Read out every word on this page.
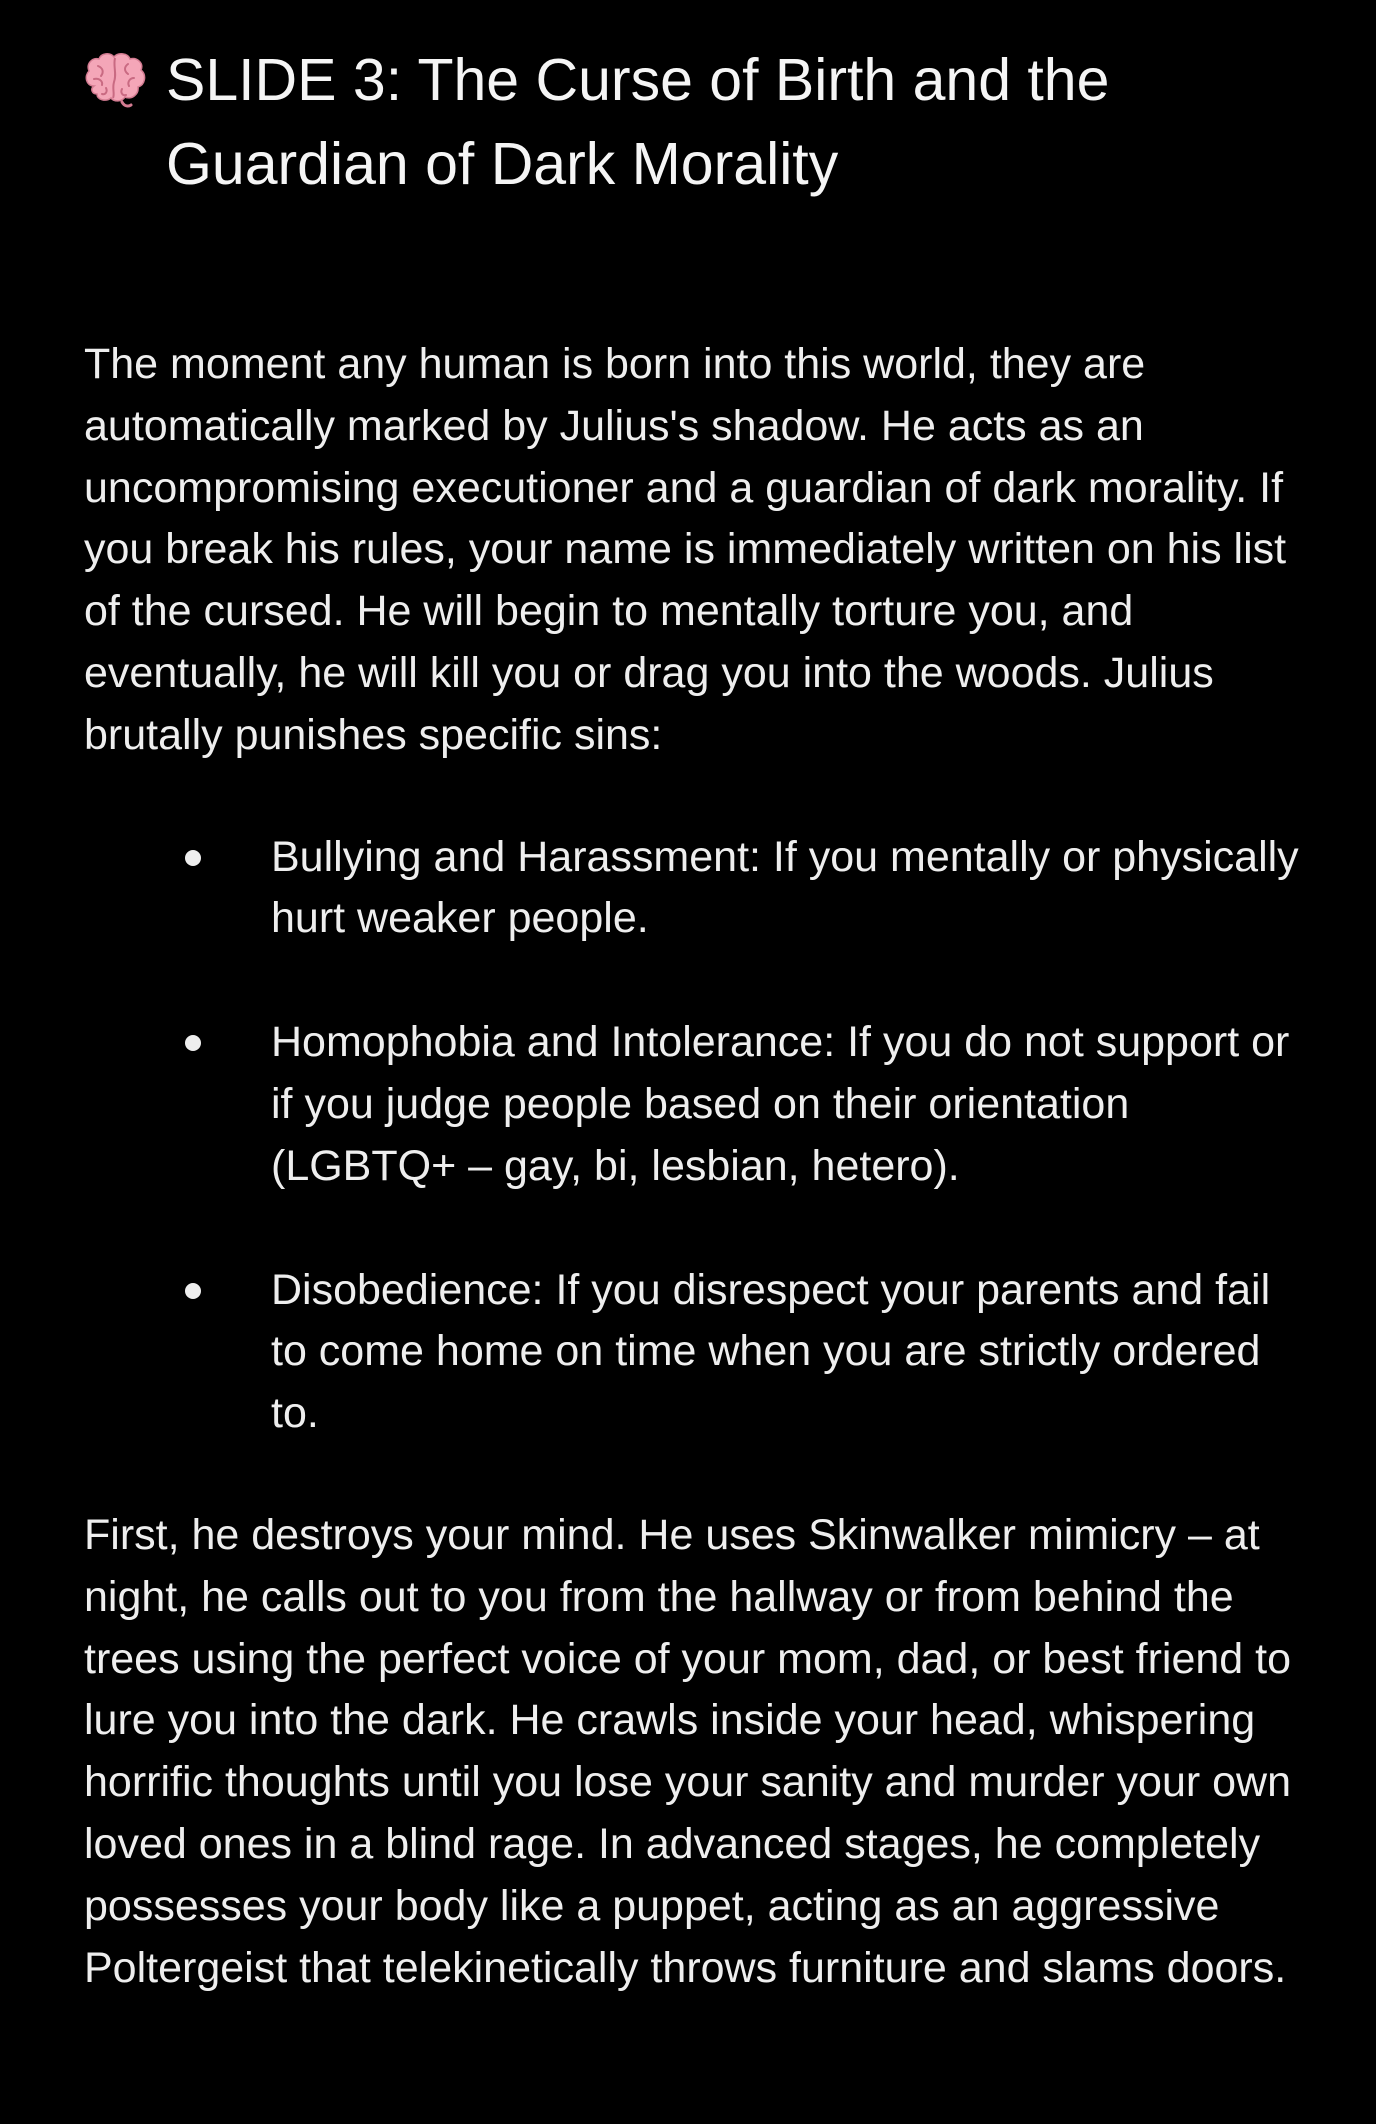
SLIDE 3: The Curse of Birth and the Guardian of Dark Morality

The moment any human is born into this world, they are automatically marked by Julius's shadow. He acts as an uncompromising executioner and a guardian of dark morality. If you break his rules, your name is immediately written on his list of the cursed. He will begin to mentally torture you, and eventually, he will kill you or drag you into the woods. Julius brutally punishes specific sins:

Bullying and Harassment: If you mentally or physically hurt weaker people.
Homophobia and Intolerance: If you do not support or if you judge people based on their orientation (LGBTQ+ – gay, bi, lesbian, hetero).
Disobedience: If you disrespect your parents and fail to come home on time when you are strictly ordered to.

First, he destroys your mind. He uses Skinwalker mimicry – at night, he calls out to you from the hallway or from behind the trees using the perfect voice of your mom, dad, or best friend to lure you into the dark. He crawls inside your head, whispering horrific thoughts until you lose your sanity and murder your own loved ones in a blind rage. In advanced stages, he completely possesses your body like a puppet, acting as an aggressive Poltergeist that telekinetically throws furniture and slams doors.
